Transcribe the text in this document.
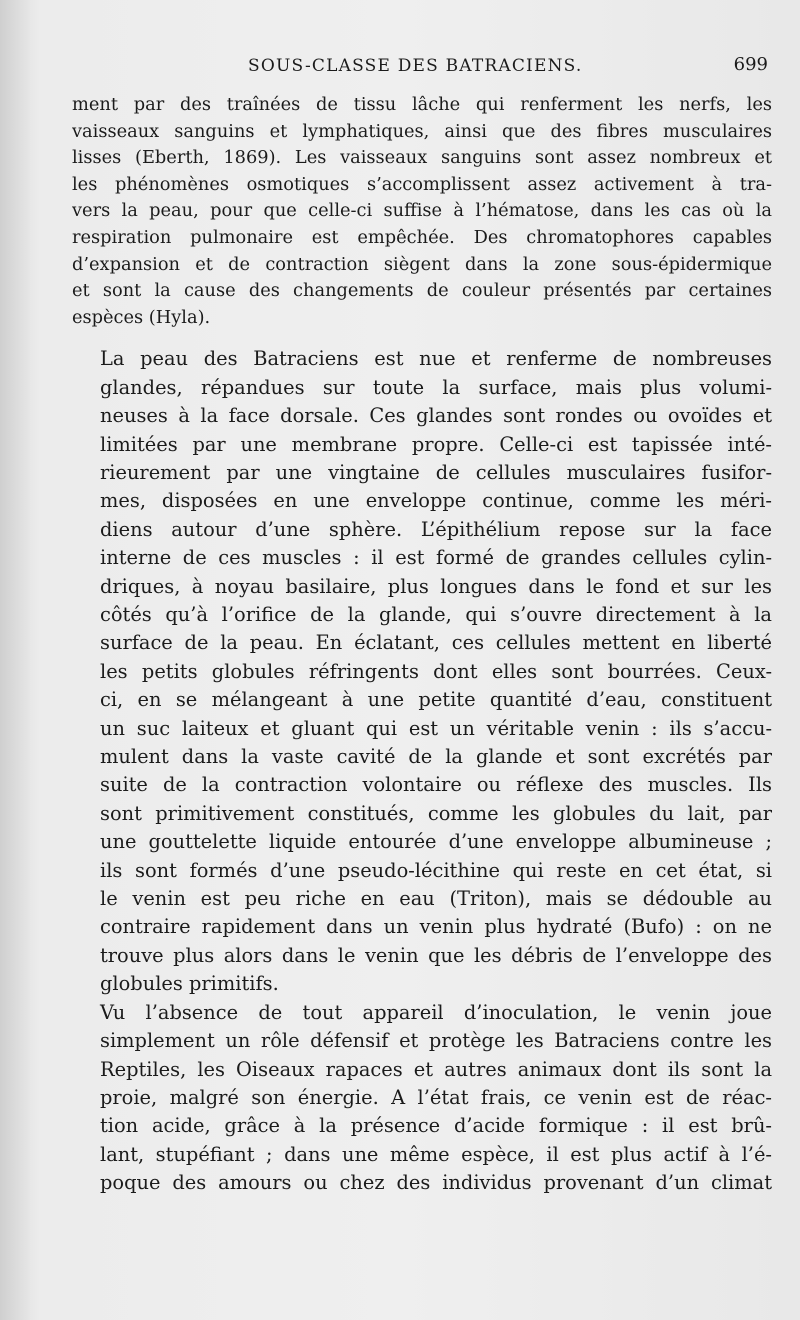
SOUS-CLASSE DES BATRACIENS.	699

ment par des traînées de tissu lâche qui renferment les nerfs, les
vaisseaux sanguins et lymphatiques, ainsi que des fibres musculaires
lisses (Eberth, 1869). Les vaisseaux sanguins sont assez nombreux et
les phénomènes osmotiques s’accomplissent assez activement à tra-
vers la peau, pour que celle-ci suffise à l’hématose, dans les cas où la
respiration pulmonaire est empêchée. Des chromatophores capables
d’expansion et de contraction siègent dans la zone sous-épidermique
et sont la cause des changements de couleur présentés par certaines
espèces (Hyla).

La peau des Batraciens est nue et renferme de nombreuses
glandes, répandues sur toute la surface, mais plus volumi-
neuses à la face dorsale. Ces glandes sont rondes ou ovoïdes et
limitées par une membrane propre. Celle-ci est tapissée inté-
rieurement par une vingtaine de cellules musculaires fusifor-
mes, disposées en une enveloppe continue, comme les méri-
diens autour d’une sphère. L’épithélium repose sur la face
interne de ces muscles : il est formé de grandes cellules cylin-
driques, à noyau basilaire, plus longues dans le fond et sur les
côtés qu’à l’orifice de la glande, qui s’ouvre directement à la
surface de la peau. En éclatant, ces cellules mettent en liberté
les petits globules réfringents dont elles sont bourrées. Ceux-
ci, en se mélangeant à une petite quantité d’eau, constituent
un suc laiteux et gluant qui est un véritable venin : ils s’accu-
mulent dans la vaste cavité de la glande et sont excrétés par
suite de la contraction volontaire ou réflexe des muscles. Ils
sont primitivement constitués, comme les globules du lait, par
une gouttelette liquide entourée d’une enveloppe albumineuse ;
ils sont formés d’une pseudo-lécithine qui reste en cet état, si
le venin est peu riche en eau (Triton), mais se dédouble au
contraire rapidement dans un venin plus hydraté (Bufo) : on ne
trouve plus alors dans le venin que les débris de l’enveloppe des
globules primitifs.

Vu l’absence de tout appareil d’inoculation, le venin joue
simplement un rôle défensif et protège les Batraciens contre les
Reptiles, les Oiseaux rapaces et autres animaux dont ils sont la
proie, malgré son énergie. A l’état frais, ce venin est de réac-
tion acide, grâce à la présence d’acide formique : il est brû-
lant, stupéfiant ; dans une même espèce, il est plus actif à l’é-
poque des amours ou chez des individus provenant d’un climat
